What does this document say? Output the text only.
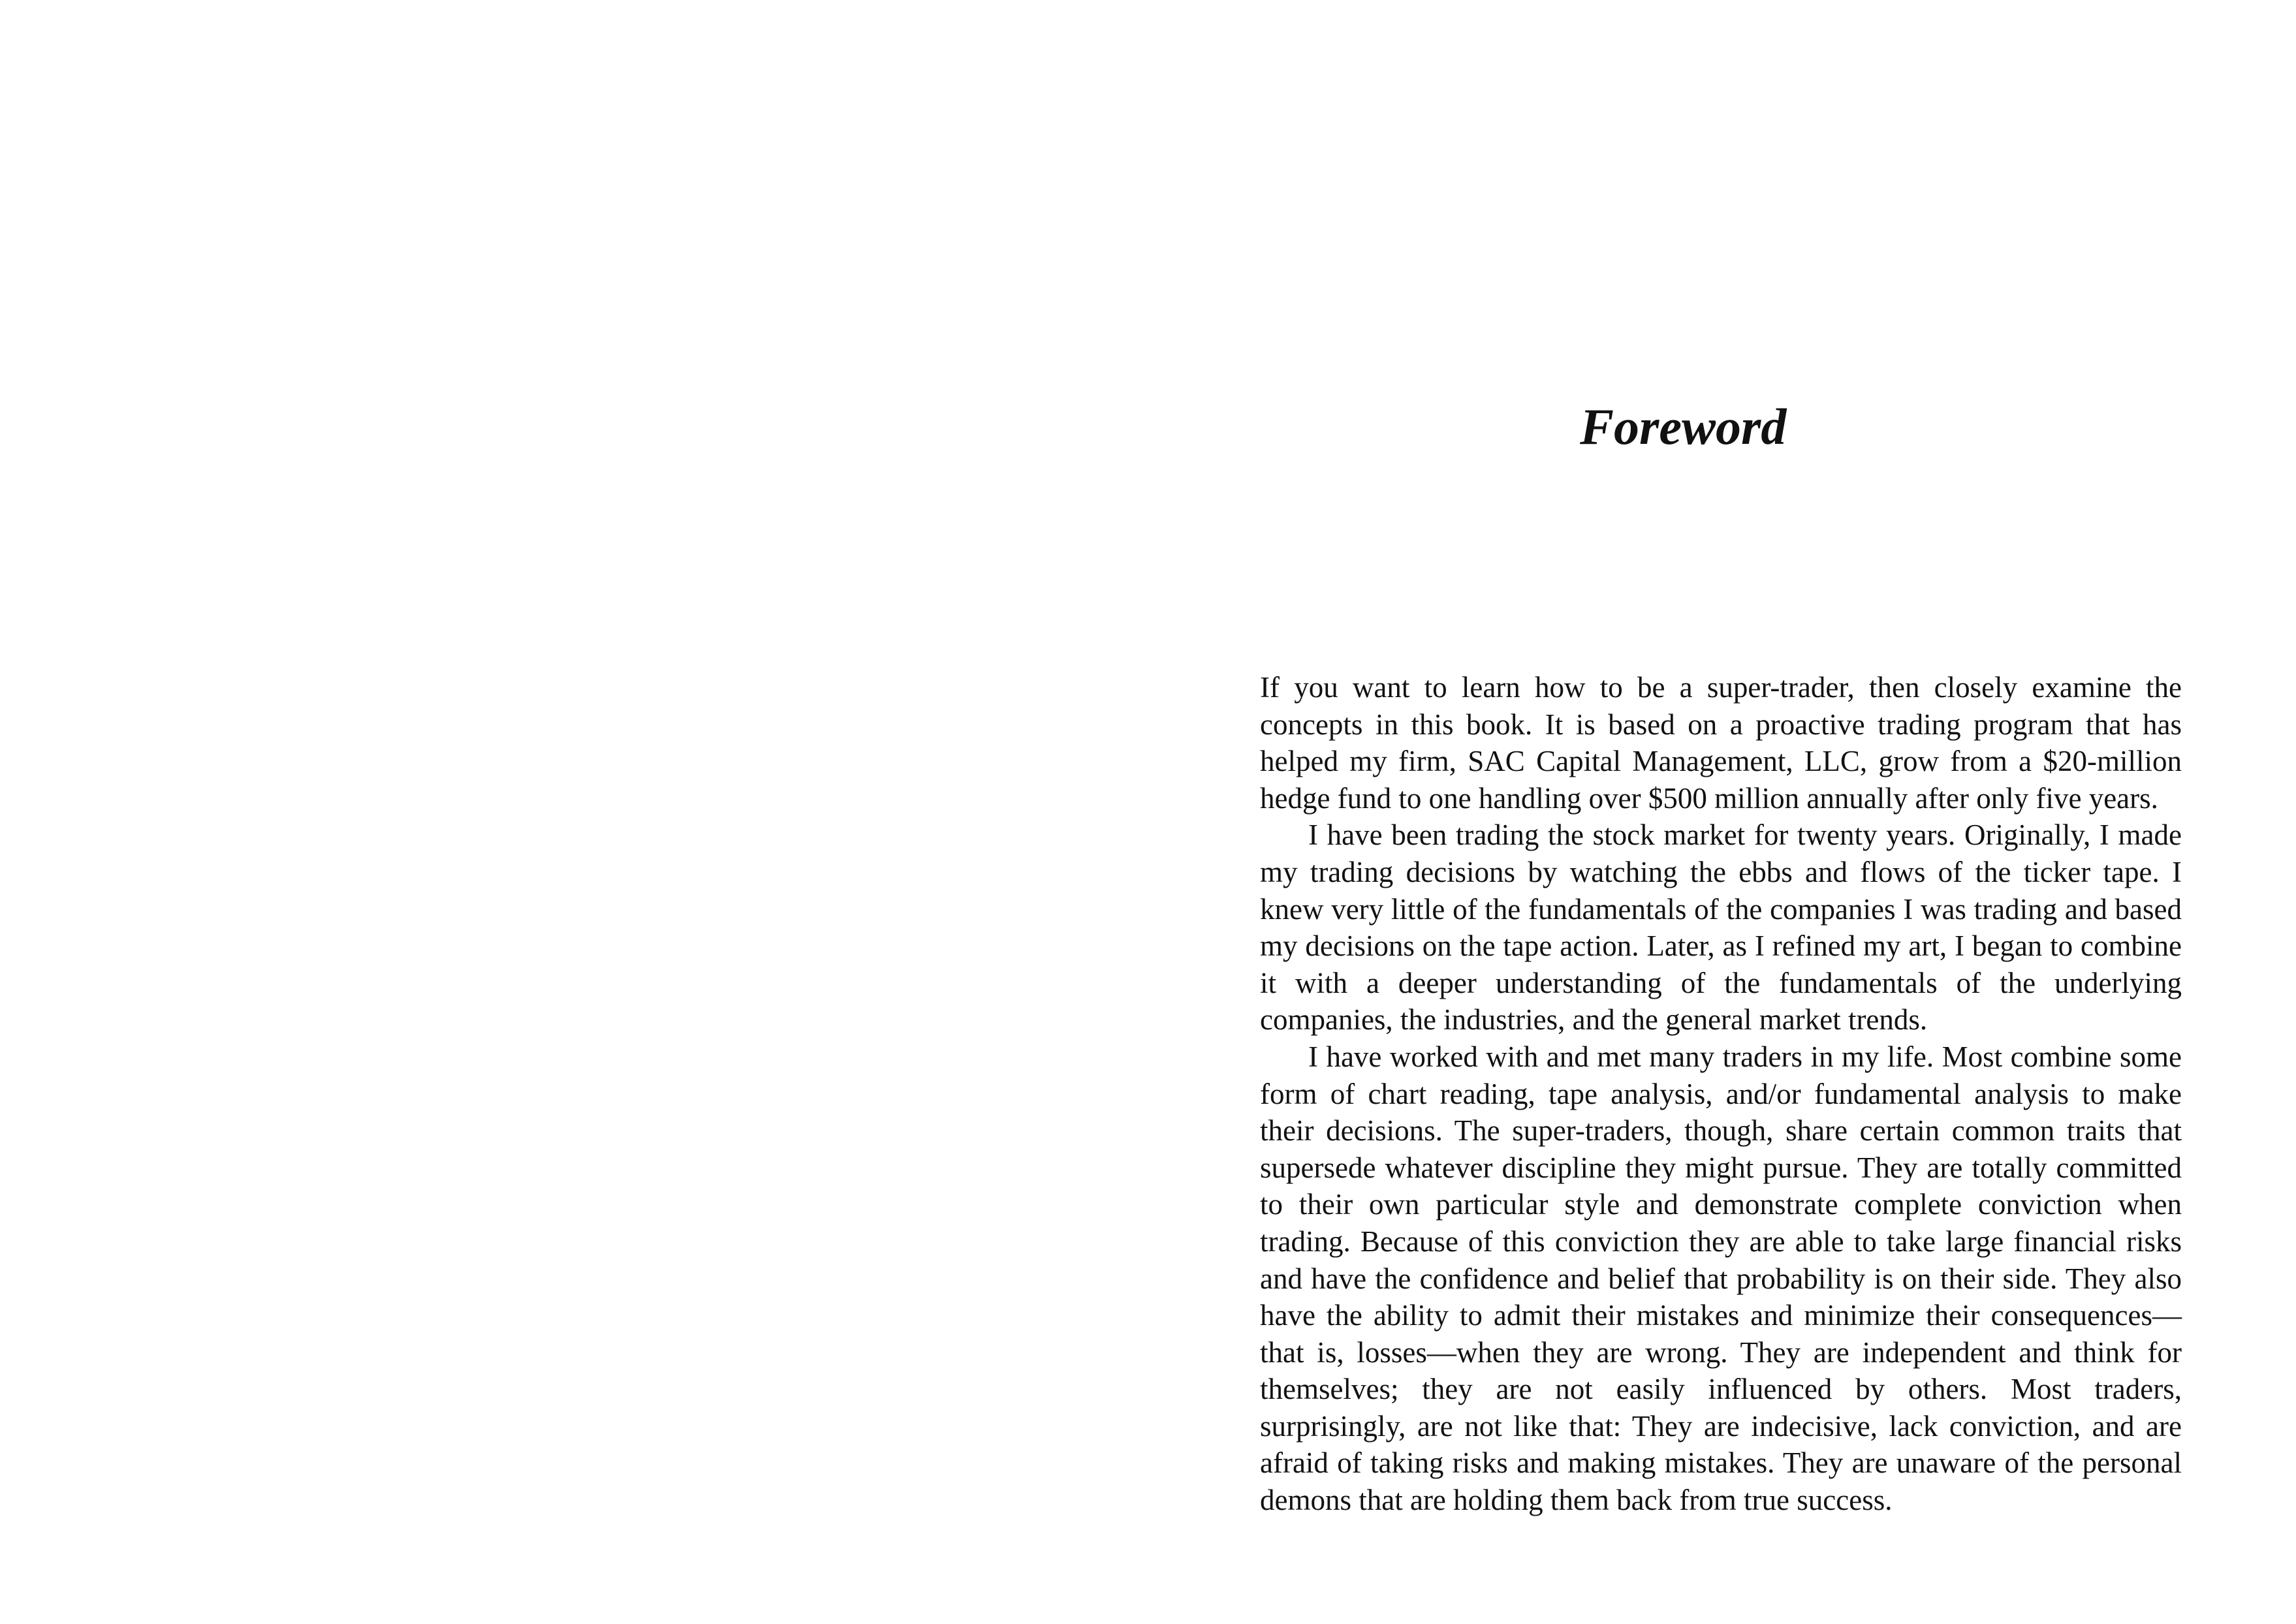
Foreword

If you want to learn how to be a super-trader, then closely examine the concepts in this book. It is based on a proactive trading program that has helped my firm, SAC Capital Management, LLC, grow from a $20-million hedge fund to one handling over $500 million annually after only five years.

I have been trading the stock market for twenty years. Originally, I made my trading decisions by watching the ebbs and flows of the ticker tape. I knew very little of the fundamentals of the companies I was trading and based my decisions on the tape action. Later, as I refined my art, I began to combine it with a deeper understanding of the fundamentals of the underlying companies, the industries, and the general market trends.

I have worked with and met many traders in my life. Most combine some form of chart reading, tape analysis, and/or fundamental analysis to make their decisions. The super-traders, though, share certain common traits that supersede whatever discipline they might pursue. They are totally committed to their own particular style and demonstrate complete conviction when trading. Because of this conviction they are able to take large financial risks and have the confidence and belief that probability is on their side. They also have the ability to admit their mistakes and minimize their consequences—that is, losses—when they are wrong. They are independent and think for themselves; they are not easily influenced by others. Most traders, surprisingly, are not like that: They are indecisive, lack conviction, and are afraid of taking risks and making mistakes. They are unaware of the personal demons that are holding them back from true success.
